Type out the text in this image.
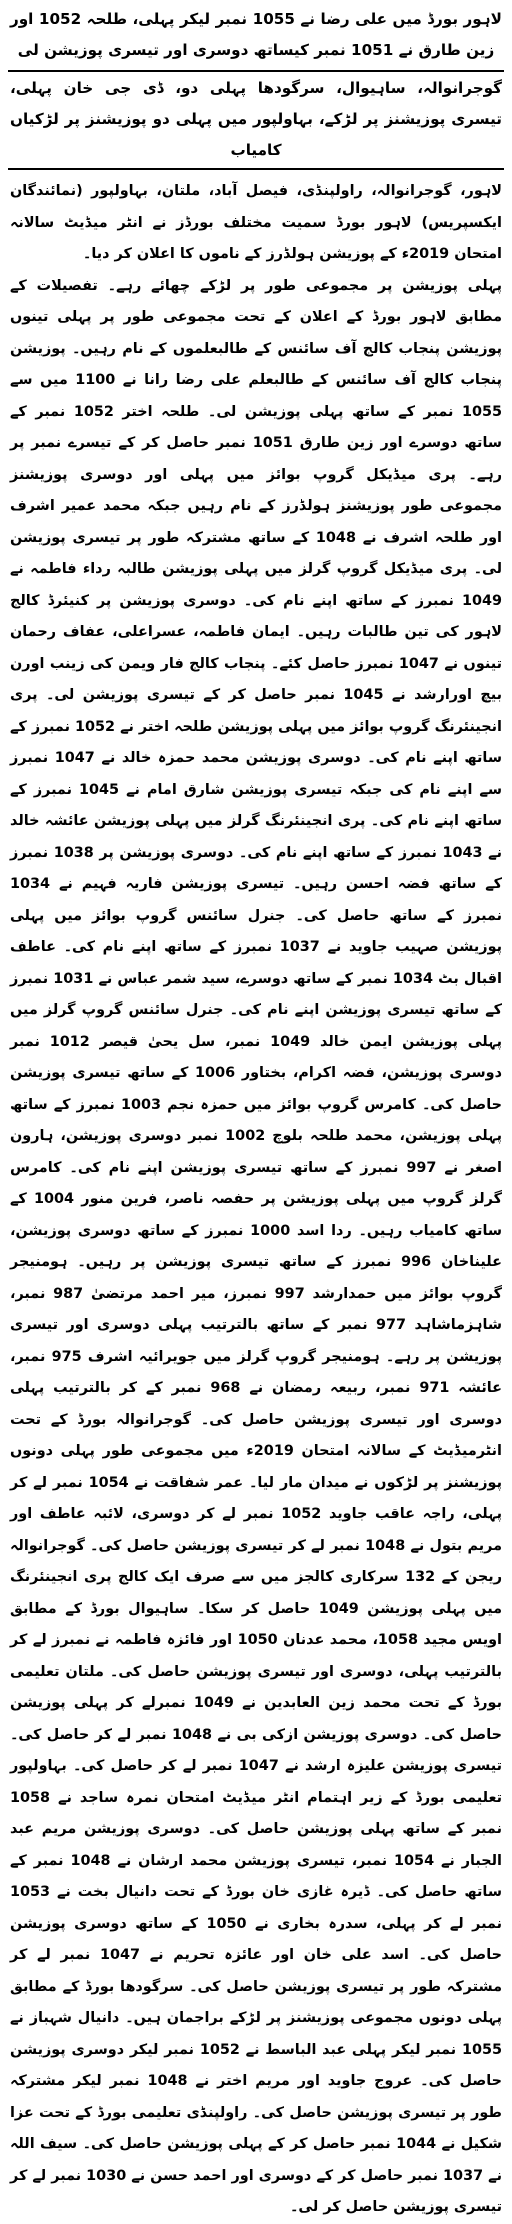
لاہور بورڈ میں علی رضا نے 1055 نمبر لیکر پہلی، طلحہ 1052 اور زین طارق نے 1051 نمبر کیساتھ دوسری اور تیسری پوزیشن لی
گوجرانوالہ، ساہیوال، سرگودھا پہلی دو، ڈی جی خان پہلی، تیسری پوزیشنز پر لڑکے، بہاولپور میں پہلی دو پوزیشنز پر لڑکیاں کامیاب

لاہور، گوجرانوالہ، راولپنڈی، فیصل آباد، ملتان، بہاولپور (نمائندگان ایکسپریس) لاہور بورڈ سمیت مختلف بورڈز نے انٹر میڈیٹ سالانہ امتحان 2019ء کے پوزیشن ہولڈرز کے ناموں کا اعلان کر دیا۔

پہلی پوزیشن پر مجموعی طور پر لڑکے چھائے رہے۔ تفصیلات کے مطابق لاہور بورڈ کے اعلان کے تحت مجموعی طور پر پہلی تینوں پوزیشن پنجاب کالج آف سائنس کے طالبعلموں کے نام رہیں۔ پوزیشن پنجاب کالج آف سائنس کے طالبعلم علی رضا رانا نے 1100 میں سے 1055 نمبر کے ساتھ پہلی پوزیشن لی۔ طلحہ اختر 1052 نمبر کے ساتھ دوسرے اور زین طارق 1051 نمبر حاصل کر کے تیسرے نمبر پر رہے۔ پری میڈیکل گروپ بوائز میں پہلی اور دوسری پوزیشنز مجموعی طور پوزیشنز ہولڈرز کے نام رہیں جبکہ محمد عمیر اشرف اور طلحہ اشرف نے 1048 کے ساتھ مشترکہ طور پر تیسری پوزیشن لی۔ پری میڈیکل گروپ گرلز میں پہلی پوزیشن طالبہ رداء فاطمہ نے 1049 نمبرز کے ساتھ اپنے نام کی۔ دوسری پوزیشن پر کنیئرڈ کالج لاہور کی تین طالبات رہیں۔ ایمان فاطمہ، عسراعلی، عفاف رحمان تینوں نے 1047 نمبرز حاصل کئے۔ پنجاب کالج فار ویمن کی زینب اورن بیچ اورارشد نے 1045 نمبر حاصل کر کے تیسری پوزیشن لی۔ پری انجینئرنگ گروپ بوائز میں پہلی پوزیشن طلحہ اختر نے 1052 نمبرز کے ساتھ اپنے نام کی۔ دوسری پوزیشن محمد حمزہ خالد نے 1047 نمبرز سے اپنے نام کی جبکہ تیسری پوزیشن شارق امام نے 1045 نمبرز کے ساتھ اپنے نام کی۔ پری انجینئرنگ گرلز میں پہلی پوزیشن عائشہ خالد نے 1043 نمبرز کے ساتھ اپنے نام کی۔ دوسری پوزیشن پر 1038 نمبرز کے ساتھ فضہ احسن رہیں۔ تیسری پوزیشن فاریہ فہیم نے 1034 نمبرز کے ساتھ حاصل کی۔ جنرل سائنس گروپ بوائز میں پہلی پوزیشن صہیب جاوید نے 1037 نمبرز کے ساتھ اپنے نام کی۔ عاطف اقبال بٹ 1034 نمبر کے ساتھ دوسرے، سید شمر عباس نے 1031 نمبرز کے ساتھ تیسری پوزیشن اپنے نام کی۔ جنرل سائنس گروپ گرلز میں پہلی پوزیشن ایمن خالد 1049 نمبر، سل یحیٰ قیصر 1012 نمبر دوسری پوزیشن، فضہ اکرام، بختاور 1006 کے ساتھ تیسری پوزیشن حاصل کی۔ کامرس گروپ بوائز میں حمزہ نجم 1003 نمبرز کے ساتھ پہلی پوزیشن، محمد طلحہ بلوچ 1002 نمبر دوسری پوزیشن، ہارون اصغر نے 997 نمبرز کے ساتھ تیسری پوزیشن اپنے نام کی۔ کامرس گرلز گروپ میں پہلی پوزیشن پر حفصہ ناصر، فرین منور 1004 کے ساتھ کامیاب رہیں۔ ردا اسد 1000 نمبرز کے ساتھ دوسری پوزیشن، علیناخان 996 نمبرز کے ساتھ تیسری پوزیشن پر رہیں۔ ہومنیجر گروپ بوائز میں حمدارشد 997 نمبرز، میر احمد مرتضیٰ 987 نمبر، شاہزماشاہد 977 نمبر کے ساتھ بالترتیب پہلی دوسری اور تیسری پوزیشن پر رہے۔ ہومنیجر گروپ گرلز میں جویرائیہ اشرف 975 نمبر، عائشہ 971 نمبر، ربیعہ رمضان نے 968 نمبر کے کر بالترتیب پہلی دوسری اور تیسری پوزیشن حاصل کی۔ گوجرانوالہ بورڈ کے تحت انٹرمیڈیٹ کے سالانہ امتحان 2019ء میں مجموعی طور پہلی دونوں پوزیشنز پر لڑکوں نے میدان مار لیا۔ عمر شفاقت نے 1054 نمبر لے کر پہلی، راجہ عاقب جاوید 1052 نمبر لے کر دوسری، لائبہ عاطف اور مریم بتول نے 1048 نمبر لے کر تیسری پوزیشن حاصل کی۔ گوجرانوالہ ریجن کے 132 سرکاری کالجز میں سے صرف ایک کالج پری انجینئرنگ میں پہلی پوزیشن 1049 حاصل کر سکا۔ ساہیوال بورڈ کے مطابق اویس مجید 1058، محمد عدنان 1050 اور فائزہ فاطمہ نے نمبرز لے کر بالترتیب پہلی، دوسری اور تیسری پوزیشن حاصل کی۔ ملتان تعلیمی بورڈ کے تحت محمد زین العابدین نے 1049 نمبرلے کر پہلی پوزیشن حاصل کی۔ دوسری پوزیشن ازکی بی نے 1048 نمبر لے کر حاصل کی۔ تیسری پوزیشن علیزہ ارشد نے 1047 نمبر لے کر حاصل کی۔ بہاولپور تعلیمی بورڈ کے زیر اہتمام انٹر میڈیٹ امتحان نمرہ ساجد نے 1058 نمبر کے ساتھ پہلی پوزیشن حاصل کی۔ دوسری پوزیشن مریم عبد الجبار نے 1054 نمبر، تیسری پوزیشن محمد ارشان نے 1048 نمبر کے ساتھ حاصل کی۔ ڈیرہ غازی خان بورڈ کے تحت دانیال بخت نے 1053 نمبر لے کر پہلی، سدرہ بخاری نے 1050 کے ساتھ دوسری پوزیشن حاصل کی۔ اسد علی خان اور عائزہ تحریم نے 1047 نمبر لے کر مشترکہ طور پر تیسری پوزیشن حاصل کی۔ سرگودھا بورڈ کے مطابق پہلی دونوں مجموعی پوزیشنز پر لڑکے براجمان ہیں۔ دانیال شہباز نے 1055 نمبر لیکر پہلی عبد الباسط نے 1052 نمبر لیکر دوسری پوزیشن حاصل کی۔ عروج جاوید اور مریم اختر نے 1048 نمبر لیکر مشترکہ طور پر تیسری پوزیشن حاصل کی۔ راولپنڈی تعلیمی بورڈ کے تحت عزا شکیل نے 1044 نمبر حاصل کر کے پہلی پوزیشن حاصل کی۔ سیف اللہ نے 1037 نمبر حاصل کر کے دوسری اور احمد حسن نے 1030 نمبر لے کر تیسری پوزیشن حاصل کر لی۔
